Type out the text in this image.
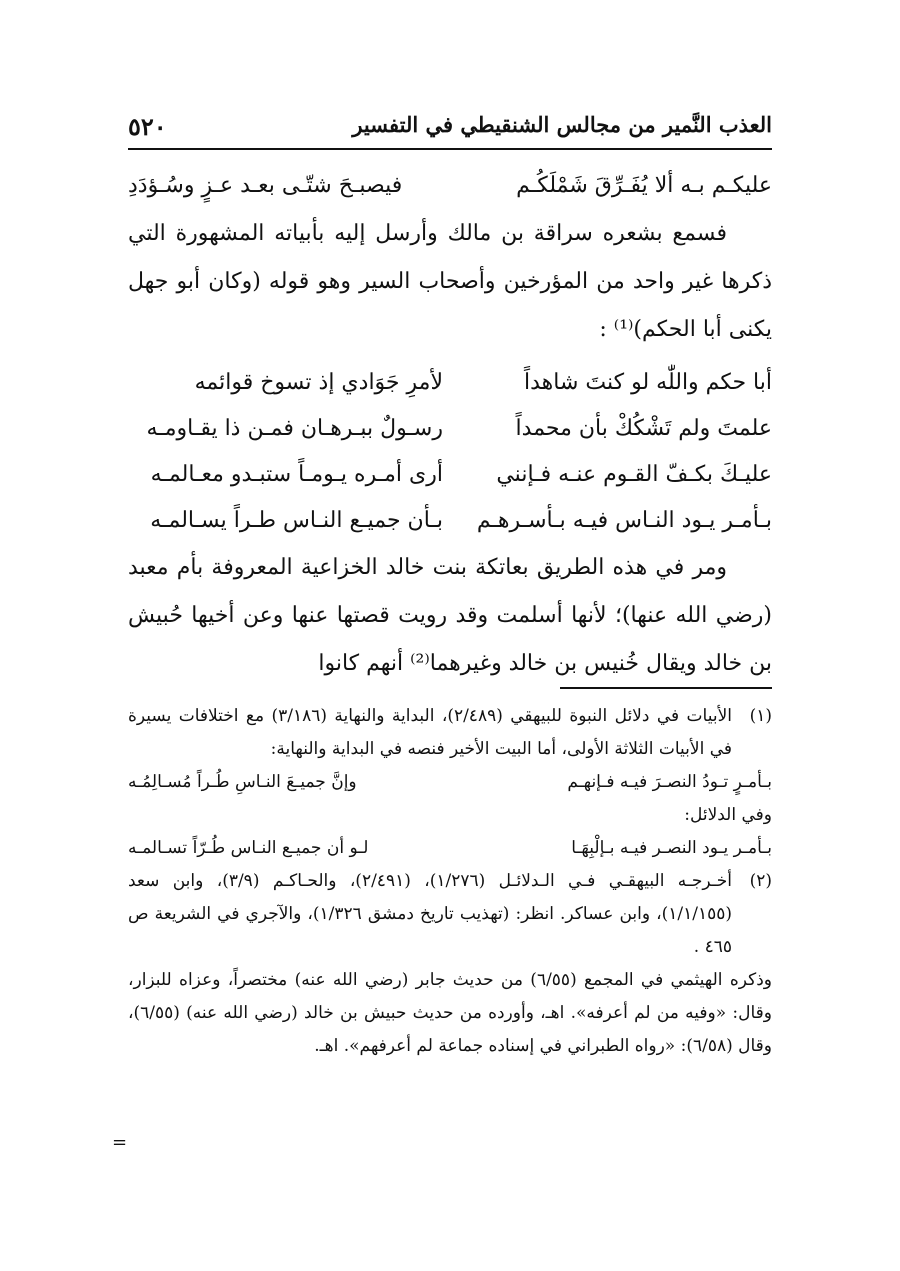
العذب النَّمير من مجالس الشنقيطي في التفسير
٥٢٠
عليكـم بـه ألا يُفَـرِّقَ شَمْلَكُـم
فيصبـحَ شتّـى بعـد عـزٍ وسُـؤدَدِ

فسمع بشعره سراقة بن مالك وأرسل إليه بأبياته المشهورة التي ذكرها غير واحد من المؤرخين وأصحاب السير وهو قوله (وكان أبو جهل يكنى أبا الحكم)⁽¹⁾ :

أبا حكم واللّٰه لو كنتَ شاهداً
لأمرِ جَوَادي إذ تسوخ قوائمه
علمتَ ولم تَشْكُكْ بأن محمداً
رسـولٌ ببـرهـان فمـن ذا يقـاومـه
عليـكَ بكـفّ القـوم عنـه فـإنني
أرى أمـره يـومـاً ستبـدو معـالمـه
بـأمـر يـود النـاس فيـه بـأسـرهـم
بـأن جميـع النـاس طـراً يسـالمـه

ومر في هذه الطريق بعاتكة بنت خالد الخزاعية المعروفة بأم معبد (رضي الله عنها)؛ لأنها أسلمت وقد رويت قصتها عنها وعن أخيها حُبيش بن خالد ويقال خُنيس بن خالد وغيرهما⁽²⁾ أنهم كانوا

(١)

الأبيات في دلائل النبوة للبيهقي (٢/٤٨٩)، البداية والنهاية (٣/١٨٦) مع اختلافات يسيرة في الأبيات الثلاثة الأولى، أما البيت الأخير فنصه في البداية والنهاية:

بـأمـرٍ تـودُ النصـرَ فيـه فـإنهـم
وإنَّ جميـعَ النـاسِ طُـراً مُسـالِمُـه

وفي الدلائل:

بـأمـر يـود النصـر فيـه بـإلْبِهَـا
لـو أن جميـع النـاس طُـرّاً تسـالمـه
(٢)

أخـرجـه البيهقـي فـي الـدلائـل (١/٢٧٦)، (٢/٤٩١)، والحـاكـم (٣/٩)، وابن سعد (١/١/١٥٥)، وابن عساكر. انظر: (تهذيب تاريخ دمشق ١/٣٢٦)، والآجري في الشريعة ص ٤٦٥ .

وذكره الهيثمي في المجمع (٦/٥٥) من حديث جابر (رضي الله عنه) مختصراً، وعزاه للبزار، وقال: «وفيه من لم أعرفه». اهـ، وأورده من حديث حبيش بن خالد (رضي الله عنه) (٦/٥٥)، وقال (٦/٥٨): «رواه الطبراني في إسناده جماعة لم أعرفهم». اهـ.

=
